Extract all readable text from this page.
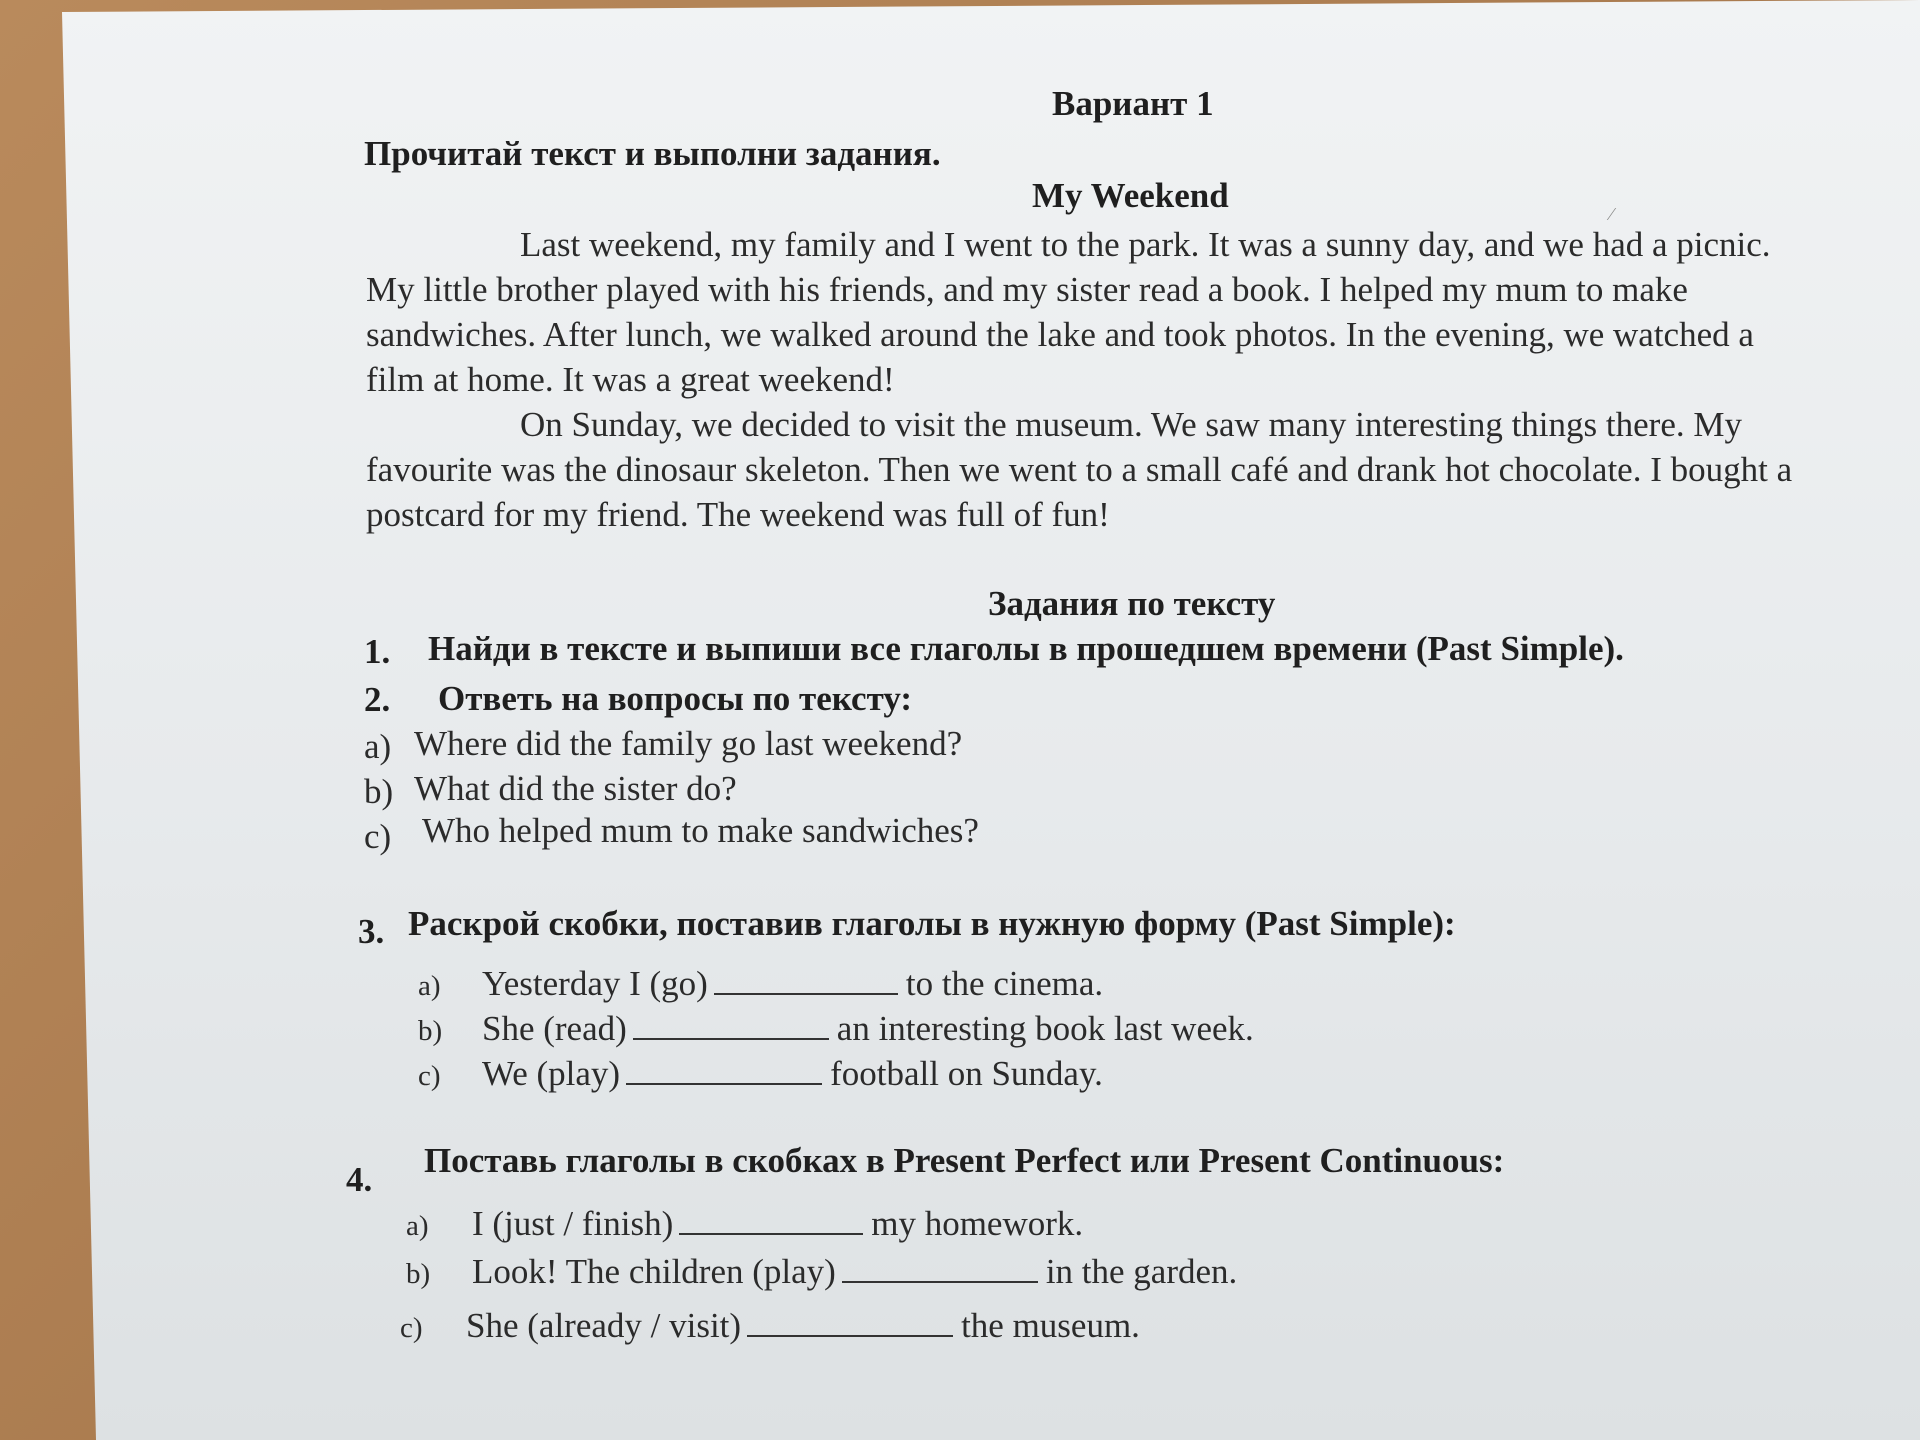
Вариант 1
Прочитай текст и выполни задания.
My Weekend	⁄
Last weekend, my family and I went to the park. It was a sunny day, and we had a picnic.
My little brother played with his friends, and my sister read a book. I helped my mum to make
sandwiches. After lunch, we walked around the lake and took photos. In the evening, we watched a
film at home. It was a great weekend!
On Sunday, we decided to visit the museum. We saw many interesting things there. My
favourite was the dinosaur skeleton. Then we went to a small café and drank hot chocolate. I bought a
postcard for my friend. The weekend was full of fun!
Задания по тексту
1. Найди в тексте и выпиши все глаголы в прошедшем времени (Past Simple).
2. Ответь на вопросы по тексту:
a) Where did the family go last weekend?
b) What did the sister do?
c) Who helped mum to make sandwiches?
3. Раскрой скобки, поставив глаголы в нужную форму (Past Simple):
a) Yesterday I (go)	to the cinema.
b) She (read)	an interesting book last week.
c) We (play)	football on Sunday.
4. Поставь глаголы в скобках в Present Perfect или Present Continuous:
a) I (just / finish)	my homework.
b) Look! The children (play)	in the garden.
c) She (already / visit)	the museum.
